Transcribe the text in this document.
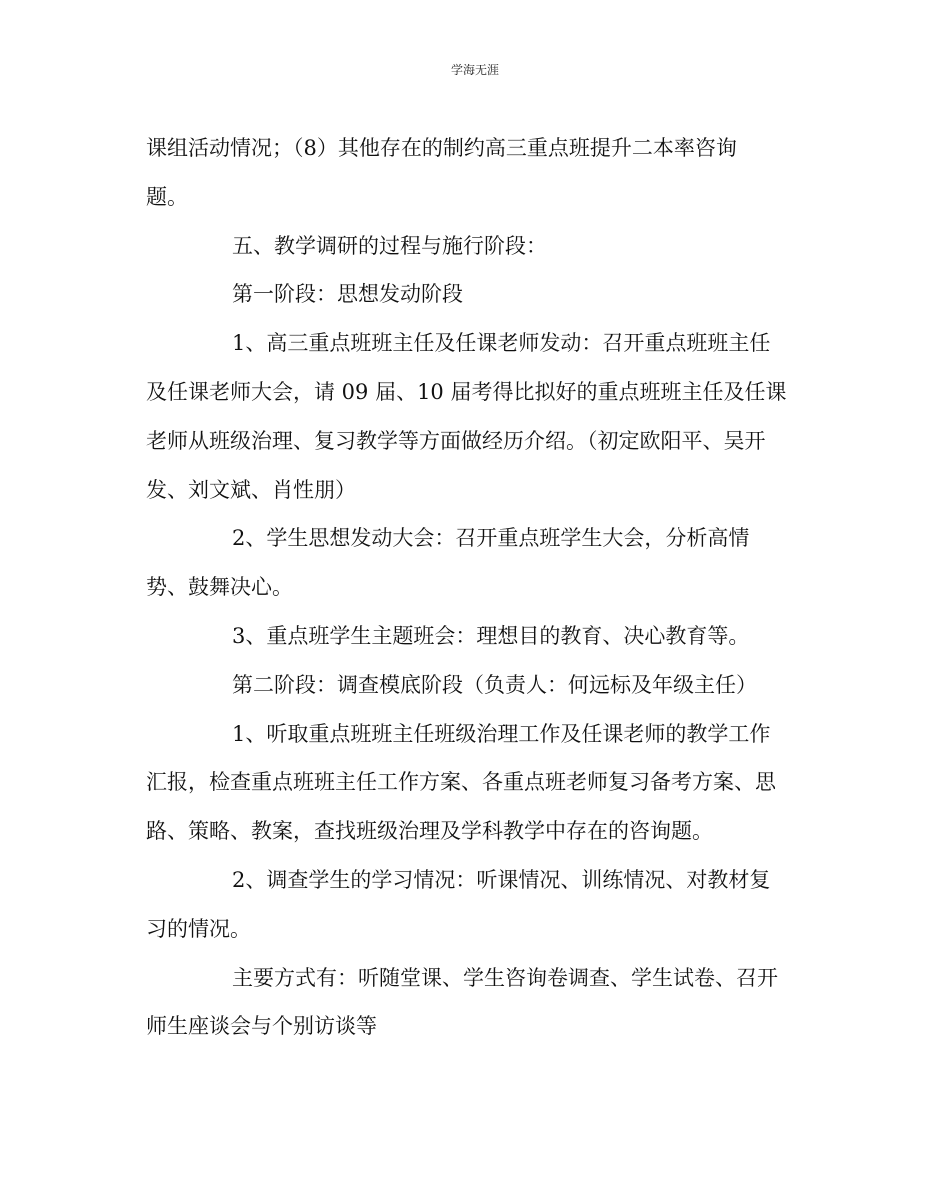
学海无涯
课组活动情况；（8）其他存在的制约高三重点班提升二本率咨询
题。
五、教学调研的过程与施行阶段：
第一阶段：思想发动阶段
1、高三重点班班主任及任课老师发动：召开重点班班主任
及任课老师大会，请 09 届、10 届考得比拟好的重点班班主任及任课
老师从班级治理、复习教学等方面做经历介绍。（初定欧阳平、吴开
发、刘文斌、肖性朋）
2、学生思想发动大会：召开重点班学生大会，分析高情
势、鼓舞决心。
3、重点班学生主题班会：理想目的教育、决心教育等。
第二阶段：调查模底阶段（负责人：何远标及年级主任）
1、听取重点班班主任班级治理工作及任课老师的教学工作
汇报，检查重点班班主任工作方案、各重点班老师复习备考方案、思
路、策略、教案，查找班级治理及学科教学中存在的咨询题。
2、调查学生的学习情况：听课情况、训练情况、对教材复
习的情况。
主要方式有：听随堂课、学生咨询卷调查、学生试卷、召开
师生座谈会与个别访谈等
